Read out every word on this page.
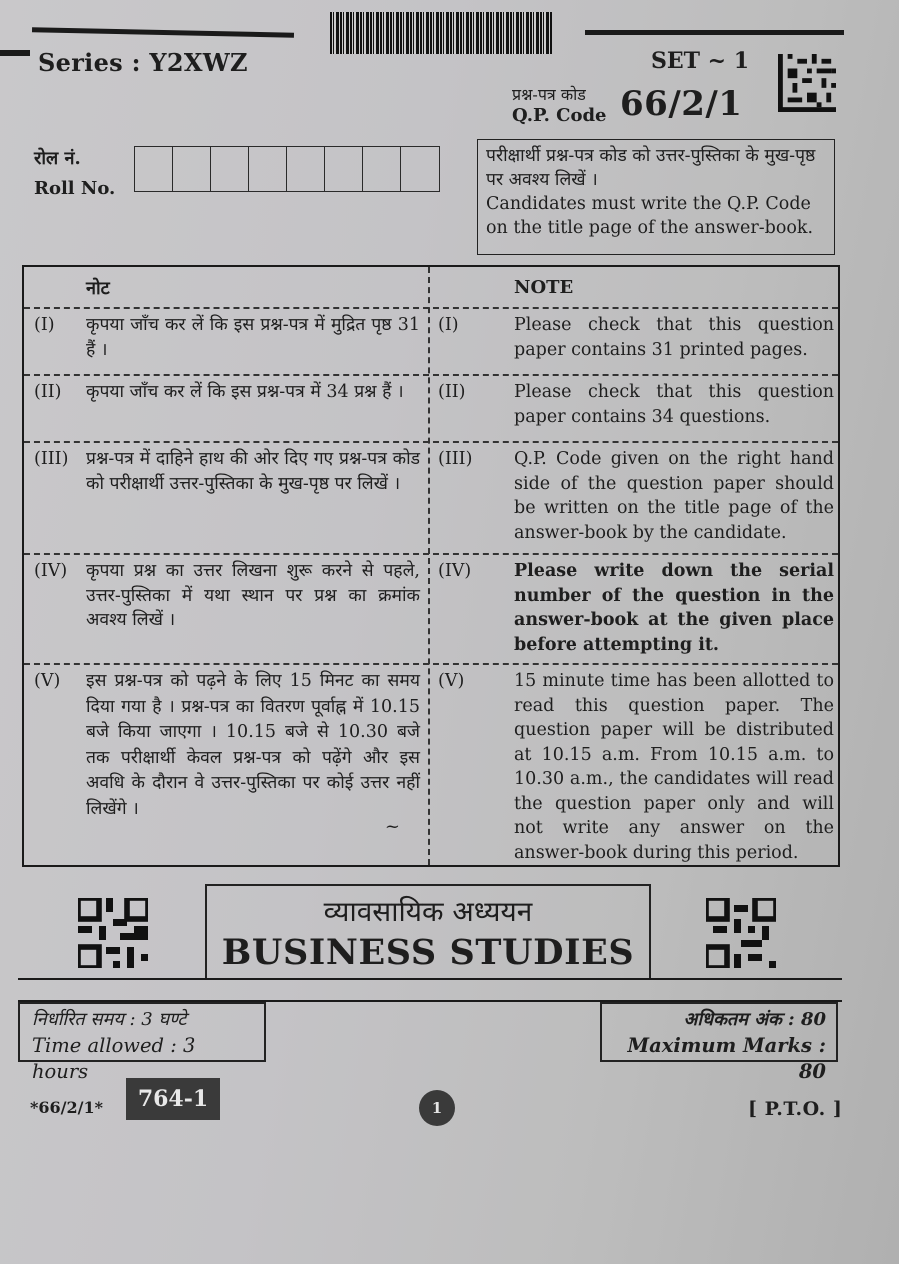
Series : Y2XWZ	SET ~ 1
प्रश्न-पत्र कोड
Q.P. Code 66/2/1
रोल नं.
Roll No.
परीक्षार्थी प्रश्न-पत्र कोड को उत्तर-पुस्तिका के मुख-पृष्ठ पर अवश्य लिखें ।
Candidates must write the Q.P. Code on the title page of the answer-book.
नोट	NOTE
(I)	कृपया जाँच कर लें कि इस प्रश्न-पत्र में मुद्रित पृष्ठ 31 हैं ।
(I)	Please check that this question paper contains 31 printed pages.
(II)	कृपया जाँच कर लें कि इस प्रश्न-पत्र में 34 प्रश्न हैं ।	(II)	Please check that this question paper contains 34 questions.
(III)	प्रश्न-पत्र में दाहिने हाथ की ओर दिए गए प्रश्न-पत्र कोड को परीक्षार्थी उत्तर-पुस्तिका के मुख-पृष्ठ पर लिखें ।
(III)	Q.P. Code given on the right hand side of the question paper should be written on the title page of the answer-book by the candidate.
(IV)	कृपया प्रश्न का उत्तर लिखना शुरू करने से पहले, उत्तर-पुस्तिका में यथा स्थान पर प्रश्न का क्रमांक अवश्य लिखें ।
(IV)	Please write down the serial number of the question in the answer-book at the given place before attempting it.
(V)	इस प्रश्न-पत्र को पढ़ने के लिए 15 मिनट का समय दिया गया है । प्रश्न-पत्र का वितरण पूर्वाह्न में 10.15 बजे किया जाएगा । 10.15 बजे से 10.30 बजे तक परीक्षार्थी केवल प्रश्न-पत्र को पढ़ेंगे और इस अवधि के दौरान वे उत्तर-पुस्तिका पर कोई उत्तर नहीं लिखेंगे ।
~
(V)	15 minute time has been allotted to read this question paper. The question paper will be distributed at 10.15 a.m. From 10.15 a.m. to 10.30 a.m., the candidates will read the question paper only and will not write any answer on the answer-book during this period.
व्यावसायिक अध्ययन
BUSINESS STUDIES
निर्धारित समय : 3 घण्टे
Time allowed : 3 hours
अधिकतम अंक : 80
Maximum Marks : 80
*66/2/1*	764-1	1	[ P.T.O. ]
